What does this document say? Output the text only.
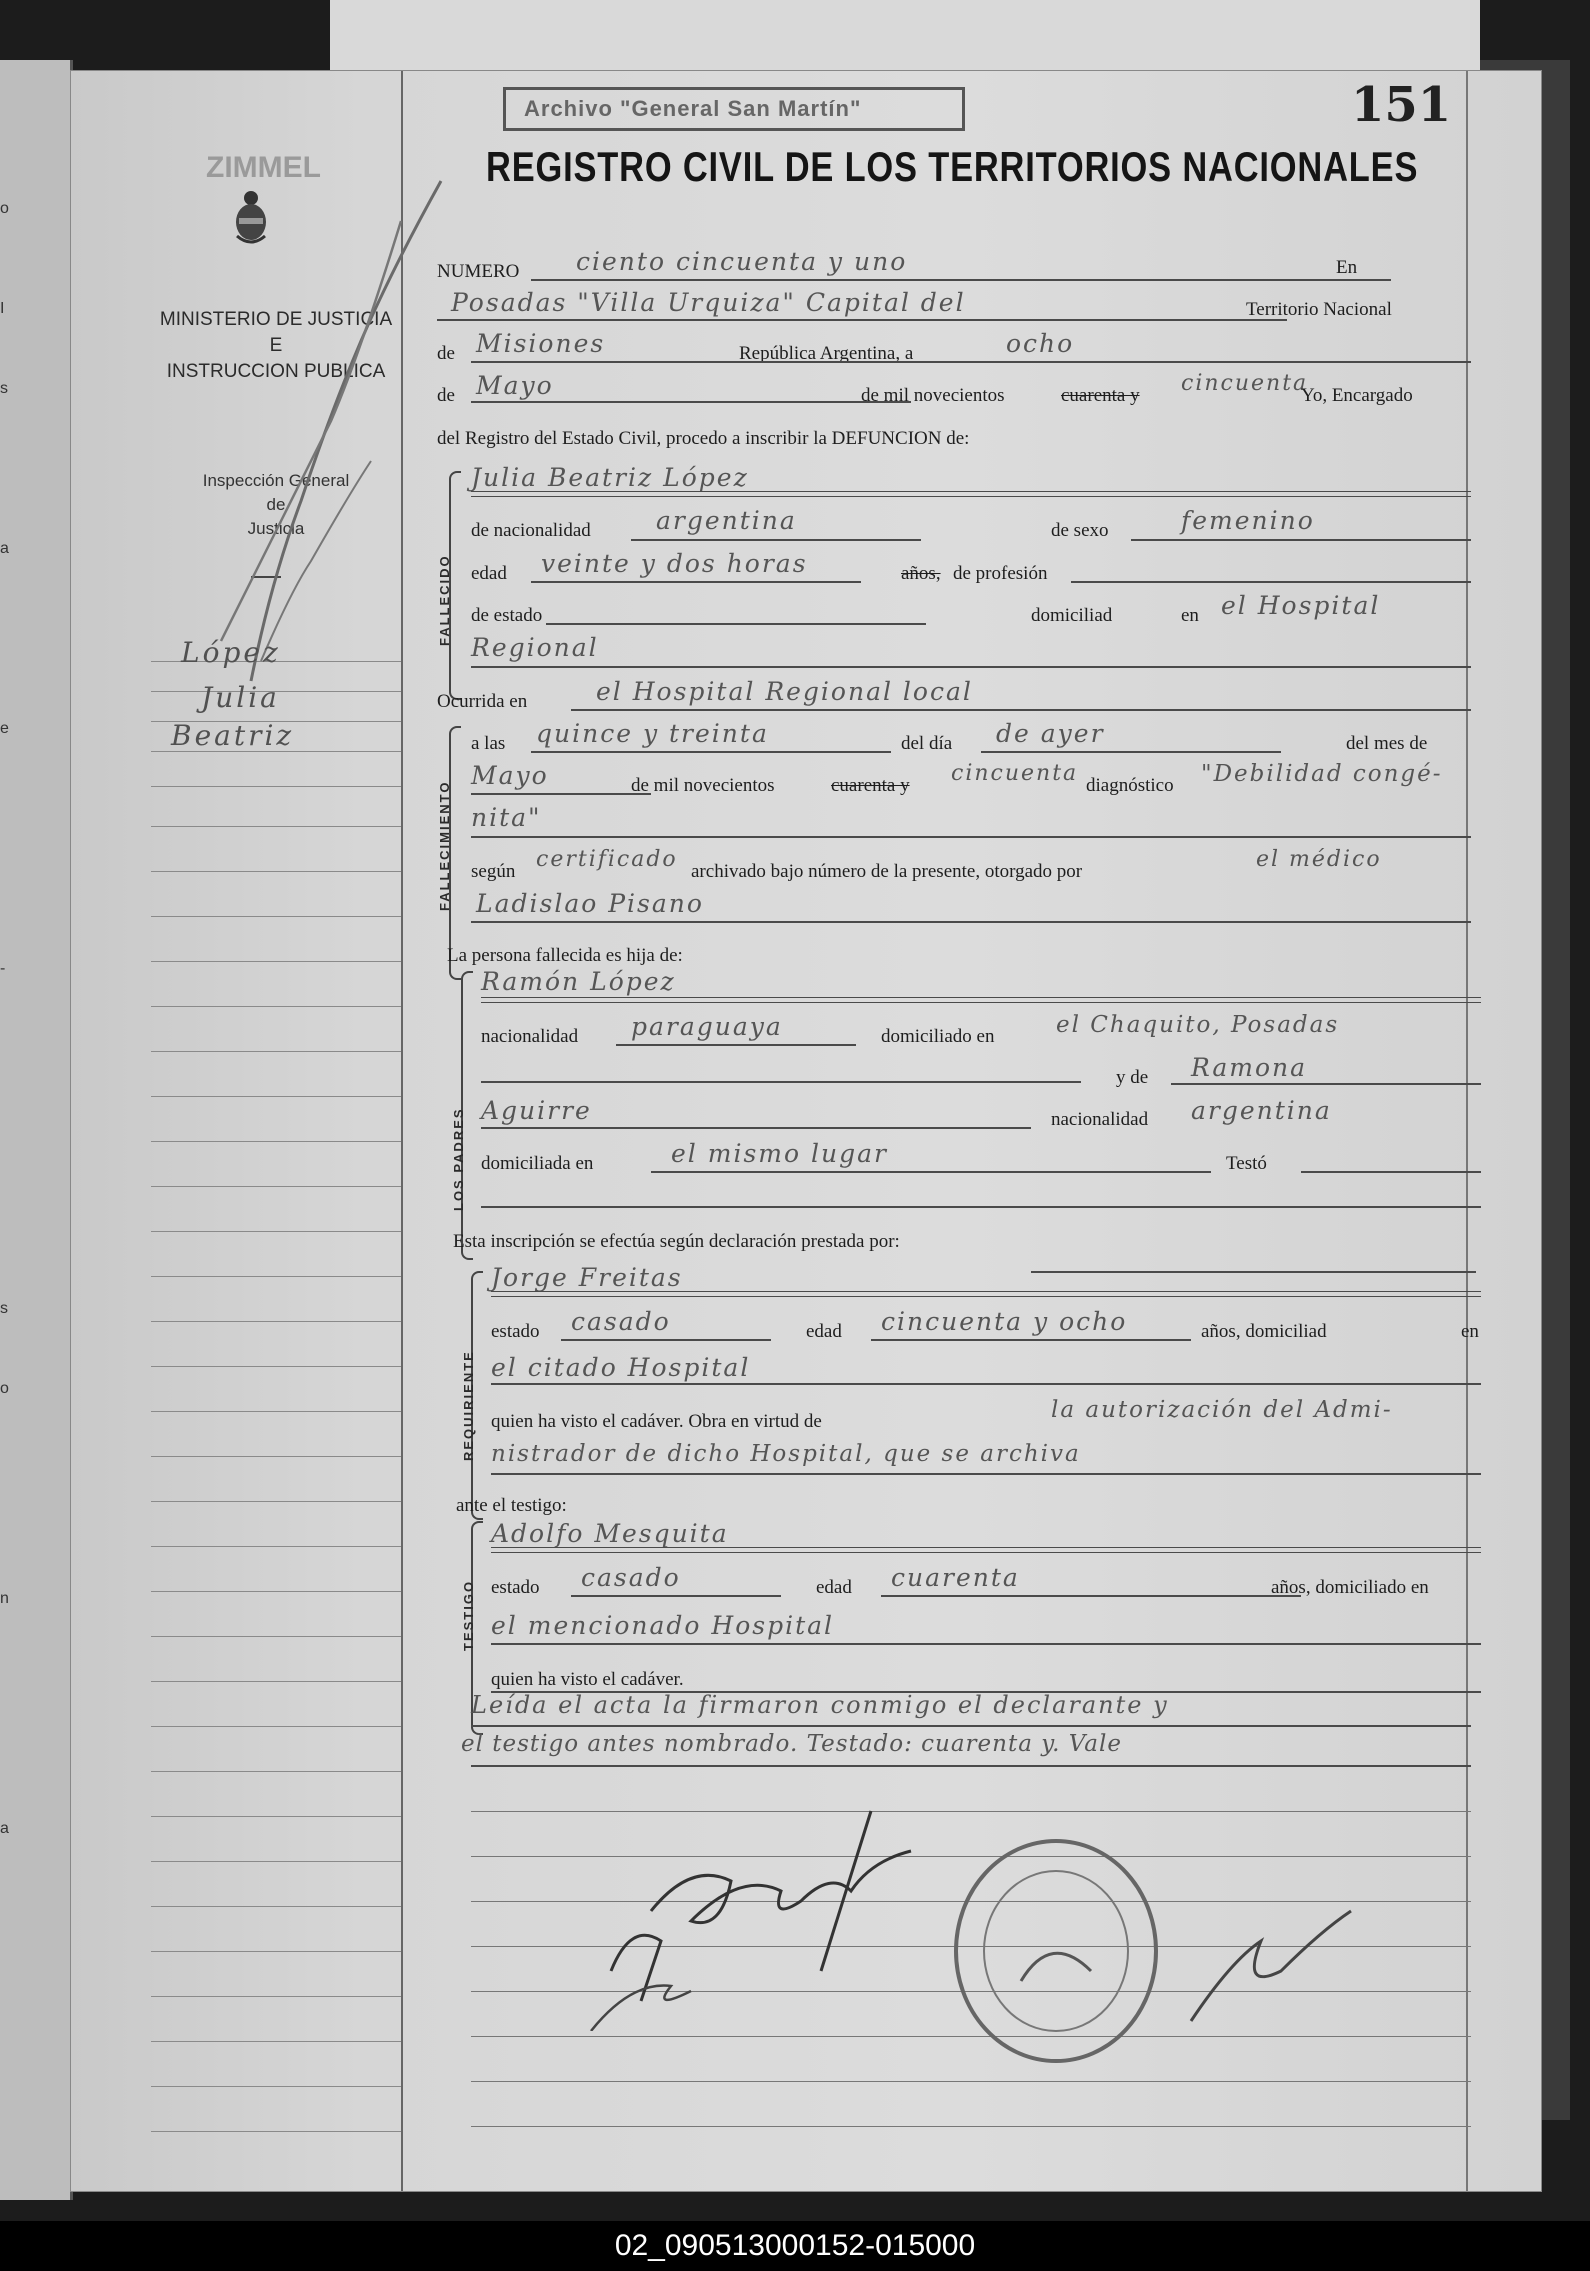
o
I
s
a
e
-
s
o
n
a
ZIMMEL
MINISTERIO DE JUSTICIA
E
INSTRUCCION PUBLICA
Inspección General
de
Justicia
López
Julia
Beatriz
Archivo "General San Martín"	151
REGISTRO CIVIL DE LOS TERRITORIOS NACIONALES
NUMERO ciento cincuenta y uno	En
Posadas "Villa Urquiza" Capital del	Territorio Nacional
de Misiones	República Argentina, a	ocho
de Mayo	de mil novecientos	cuarenta y cincuenta
Yo, Encargado
del Registro del Estado Civil, procedo a inscribir la DEFUNCION de:
FALLECIDO
Julia Beatriz López
de nacionalidad	argentina	de sexo	femenino
edad veinte y dos horas	años, de profesión
de estado	domiciliad	en el Hospital
Regional
Ocurrida en	el Hospital Regional local
FALLECIMIENTO
a las quince y treinta	del día de ayer	del mes de
Mayo	de mil novecientos	cuarenta y cincuenta diagnóstico "Debilidad congé-
nita"
según certificado archivado bajo número de la presente, otorgado por	el médico
Ladislao Pisano
La persona fallecida es hija de:
LOS PADRES
Ramón López
nacionalidad paraguaya	domiciliado en	el Chaquito, Posadas
y de Ramona
Aguirre	nacionalidad argentina
domiciliada en	el mismo lugar	Testó
Esta inscripción se efectúa según declaración prestada por:
REQUIRIENTE
Jorge Freitas
estado casado	edad cincuenta y ocho	años, domiciliad	en
el citado Hospital
quien ha visto el cadáver. Obra en virtud de	la autorización del Admi-
nistrador de dicho Hospital, que se archiva
ante el testigo:
TESTIGO
Adolfo Mesquita
estado casado	edad cuarenta	años, domiciliado en
el mencionado Hospital
quien ha visto el cadáver.
Leída el acta la firmaron conmigo el declarante y
el testigo antes nombrado. Testado: cuarenta y. Vale
02_090513000152-015000
